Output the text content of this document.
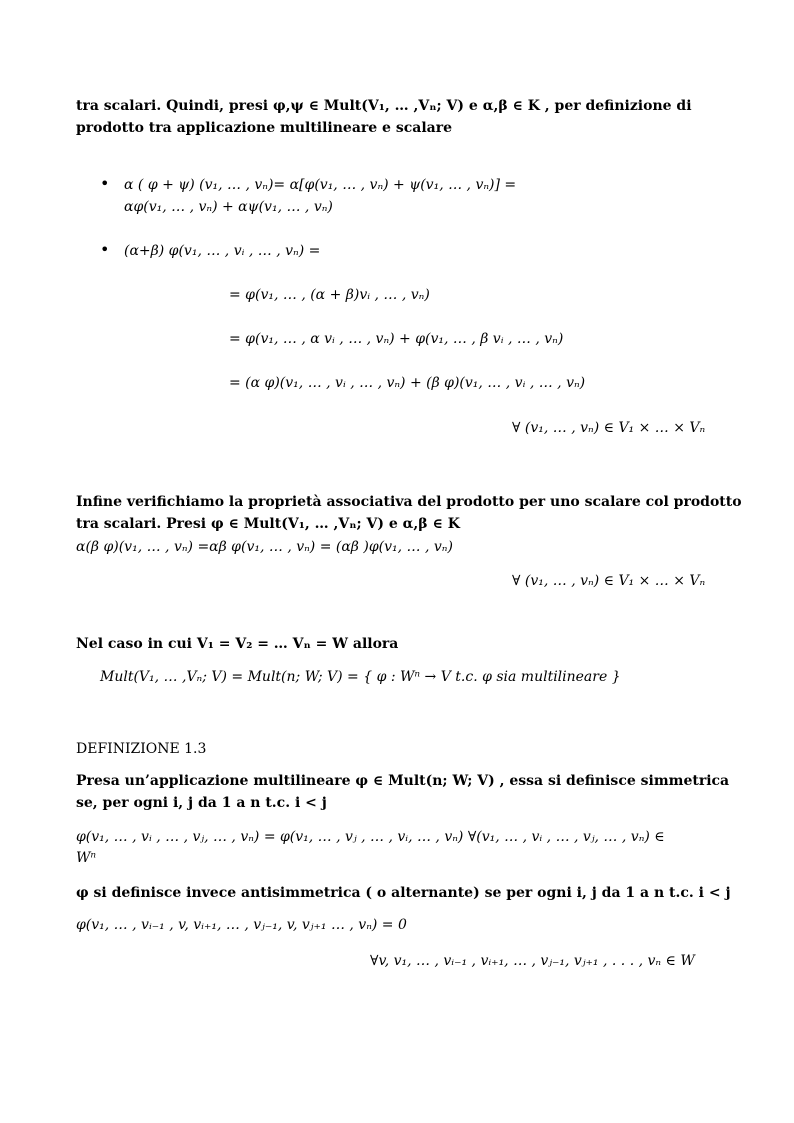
tra scalari. Quindi, presi φ,ψ ∈ Mult(V₁, … ,Vₙ; V) e α,β ∈ K , per definizione di
prodotto tra applicazione multilineare e scalare
• α ( φ + ψ) (v₁, … , vₙ)= α[φ(v₁, … , vₙ) + ψ(v₁, … , vₙ)] =
αφ(v₁, … , vₙ) + αψ(v₁, … , vₙ)
• (α+β) φ(v₁, … , vᵢ , … , vₙ) =
= φ(v₁, … , (α + β)vᵢ , … , vₙ)
= φ(v₁, … , α vᵢ , … , vₙ) + φ(v₁, … , β vᵢ , … , vₙ)
= (α φ)(v₁, … , vᵢ , … , vₙ) + (β φ)(v₁, … , vᵢ , … , vₙ)
∀ (v₁, … , vₙ) ∈ V₁ × … × Vₙ
Infine verifichiamo la proprietà associativa del prodotto per uno scalare col prodotto
tra scalari. Presi φ ∈ Mult(V₁, … ,Vₙ; V) e α,β ∈ K
α(β φ)(v₁, … , vₙ) =αβ φ(v₁, … , vₙ) = (αβ )φ(v₁, … , vₙ)
∀ (v₁, … , vₙ) ∈ V₁ × … × Vₙ
Nel caso in cui V₁ = V₂ = … Vₙ = W allora
Mult(V₁, … ,Vₙ; V) = Mult(n; W; V) = { φ : Wⁿ → V t.c. φ sia multilineare }
DEFINIZIONE 1.3
Presa un’applicazione multilineare φ ∈ Mult(n; W; V) , essa si definisce simmetrica
se, per ogni i, j da 1 a n t.c. i < j
φ(v₁, … , vᵢ , … , vⱼ, … , vₙ) = φ(v₁, … , vⱼ , … , vᵢ, … , vₙ) ∀(v₁, … , vᵢ , … , vⱼ, … , vₙ) ∈
Wⁿ
φ si definisce invece antisimmetrica ( o alternante) se per ogni i, j da 1 a n t.c. i < j
φ(v₁, … , vᵢ₋₁ , v, vᵢ₊₁, … , vⱼ₋₁, v, vⱼ₊₁ … , vₙ) = 0
∀v, v₁, … , vᵢ₋₁ , vᵢ₊₁, … , vⱼ₋₁, vⱼ₊₁ , . . . , vₙ ∈ W
